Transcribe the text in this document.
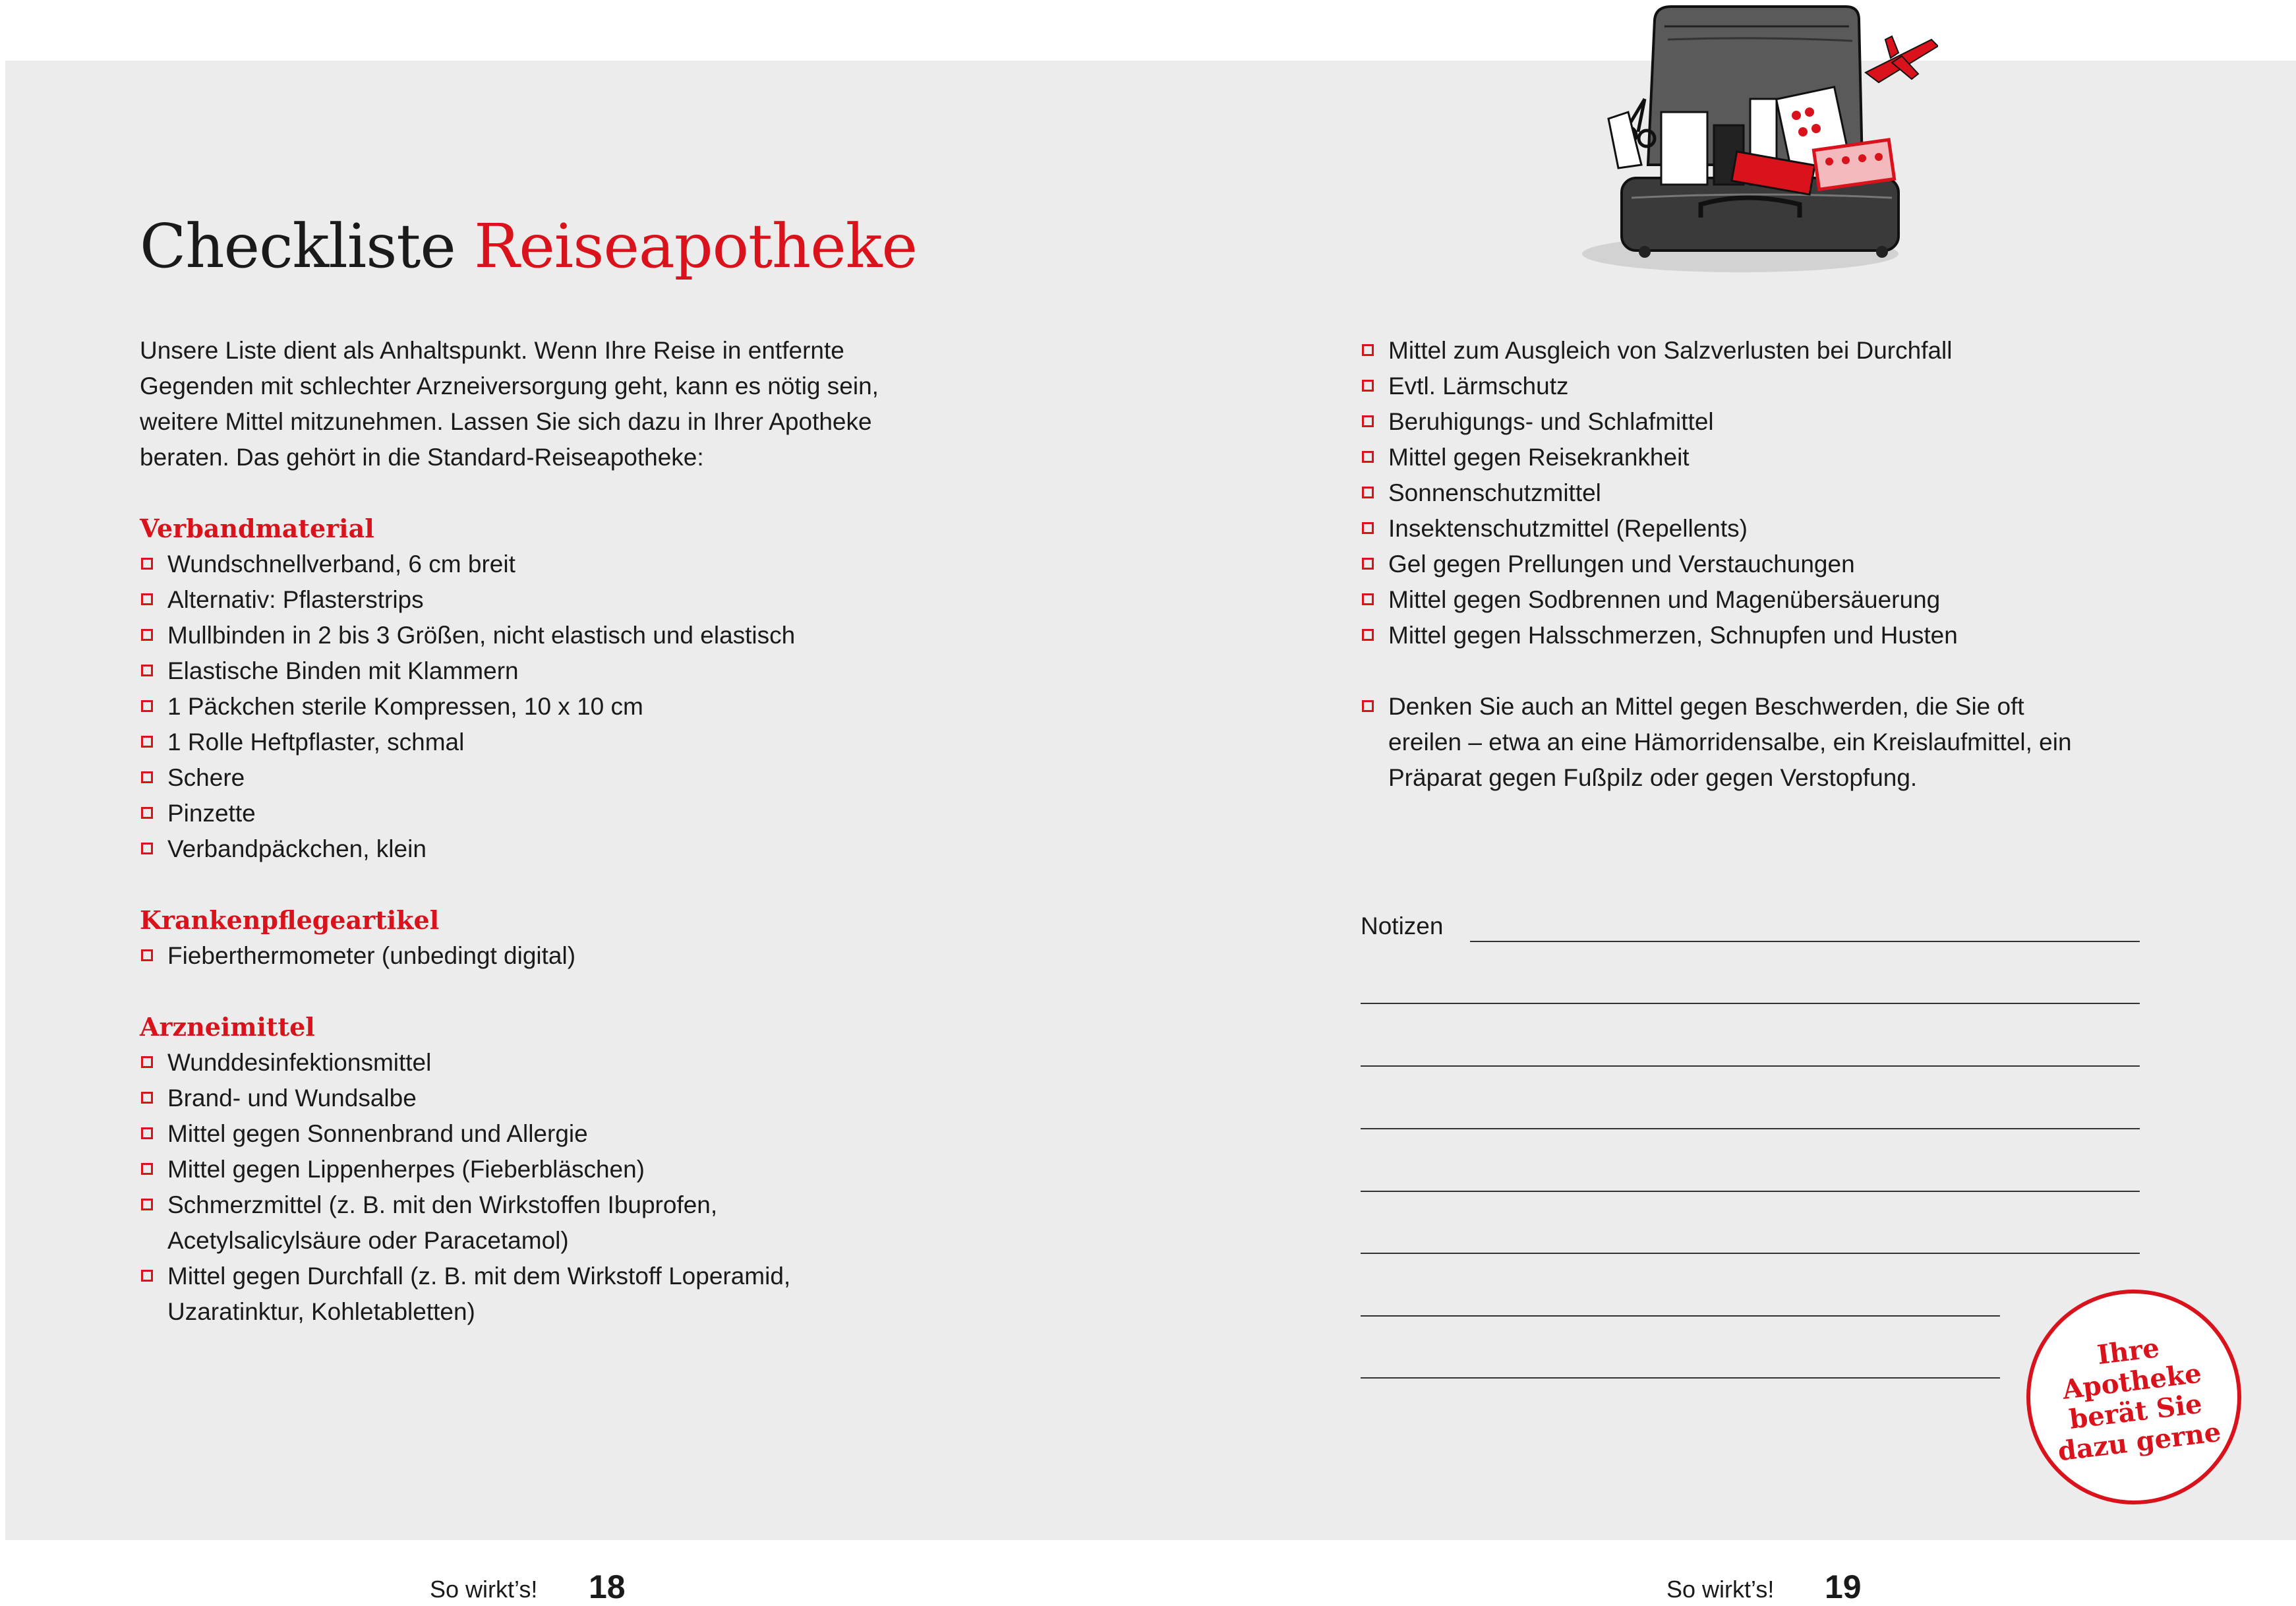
Checkliste Reiseapotheke

Unsere Liste dient als Anhaltspunkt. Wenn Ihre Reise in entfernte Gegenden mit schlechter Arzneiversorgung geht, kann es nötig sein, weitere Mittel mitzunehmen. Lassen Sie sich dazu in Ihrer Apotheke beraten. Das gehört in die Standard-Reiseapotheke:

Verbandmaterial
Wundschnellverband, 6 cm breit
Alternativ: Pflasterstrips
Mullbinden in 2 bis 3 Größen, nicht elastisch und elastisch
Elastische Binden mit Klammern
1 Päckchen sterile Kompressen, 10 x 10 cm
1 Rolle Heftpflaster, schmal
Schere
Pinzette
Verbandpäckchen, klein
Krankenpflegeartikel
Fieberthermometer (unbedingt digital)
Arzneimittel
Wunddesinfektionsmittel
Brand- und Wundsalbe
Mittel gegen Sonnenbrand und Allergie
Mittel gegen Lippenherpes (Fieberbläschen)
Schmerzmittel (z. B. mit den Wirkstoffen Ibuprofen, Acetylsalicylsäure oder Paracetamol)
Mittel gegen Durchfall (z. B. mit dem Wirkstoff Loperamid, Uzaratinktur, Kohletabletten)
Mittel zum Ausgleich von Salzverlusten bei Durchfall
Evtl. Lärmschutz
Beruhigungs- und Schlafmittel
Mittel gegen Reisekrankheit
Sonnenschutzmittel
Insektenschutzmittel (Repellents)
Gel gegen Prellungen und Verstauchungen
Mittel gegen Sodbrennen und Magenübersäuerung
Mittel gegen Halsschmerzen, Schnupfen und Husten
Denken Sie auch an Mittel gegen Beschwerden, die Sie oft ereilen – etwa an eine Hämorridensalbe, ein Kreislaufmittel, ein Präparat gegen Fußpilz oder gegen Verstopfung.
Notizen
Ihre Apotheke berät Sie dazu gerne
So wirkt’s! 18	So wirkt’s! 19
